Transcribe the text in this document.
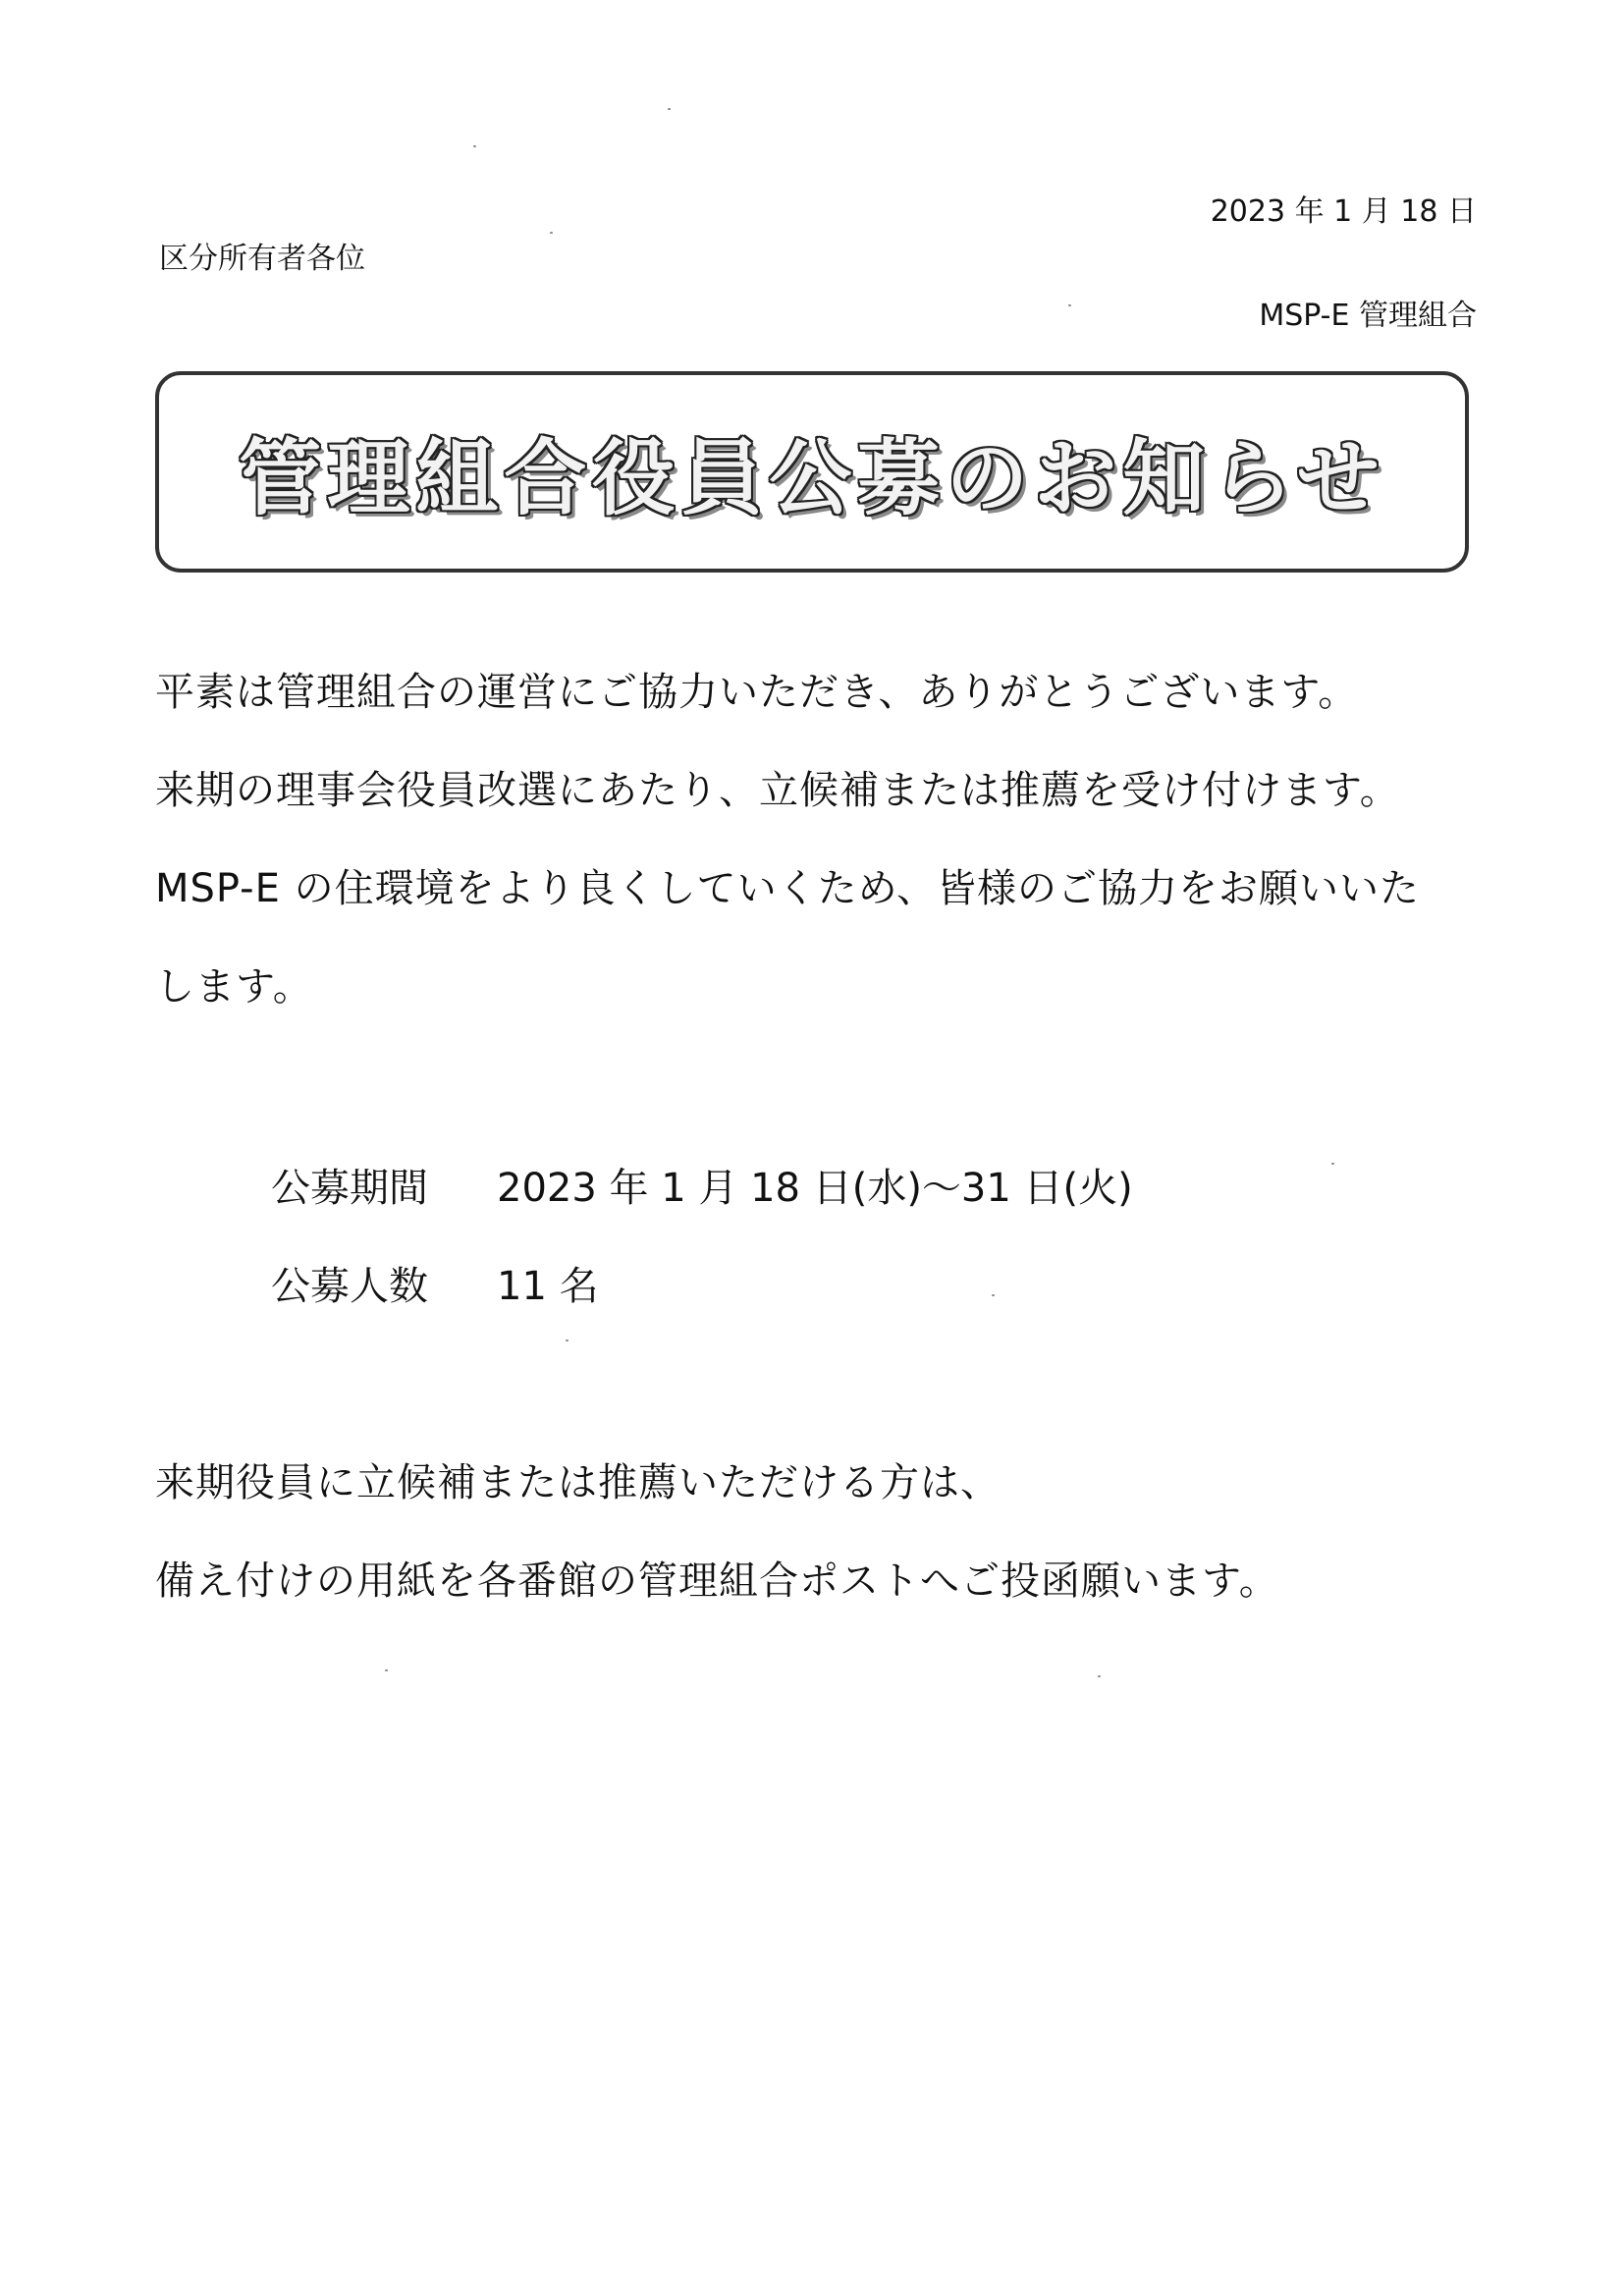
2023 年 1 月 18 日
区分所有者各位
MSP-E 管理組合
管理組合役員公募のお知らせ

平素は管理組合の運営にご協力いただき、ありがとうございます。

来期の理事会役員改選にあたり、立候補または推薦を受け付けます。

MSP-E の住環境をより良くしていくため、皆様のご協力をお願いいた

します。

公募期間	2023 年 1 月 18 日(水)～31 日(火)
公募人数	11 名

来期役員に立候補または推薦いただける方は、

備え付けの用紙を各番館の管理組合ポストへご投函願います。
